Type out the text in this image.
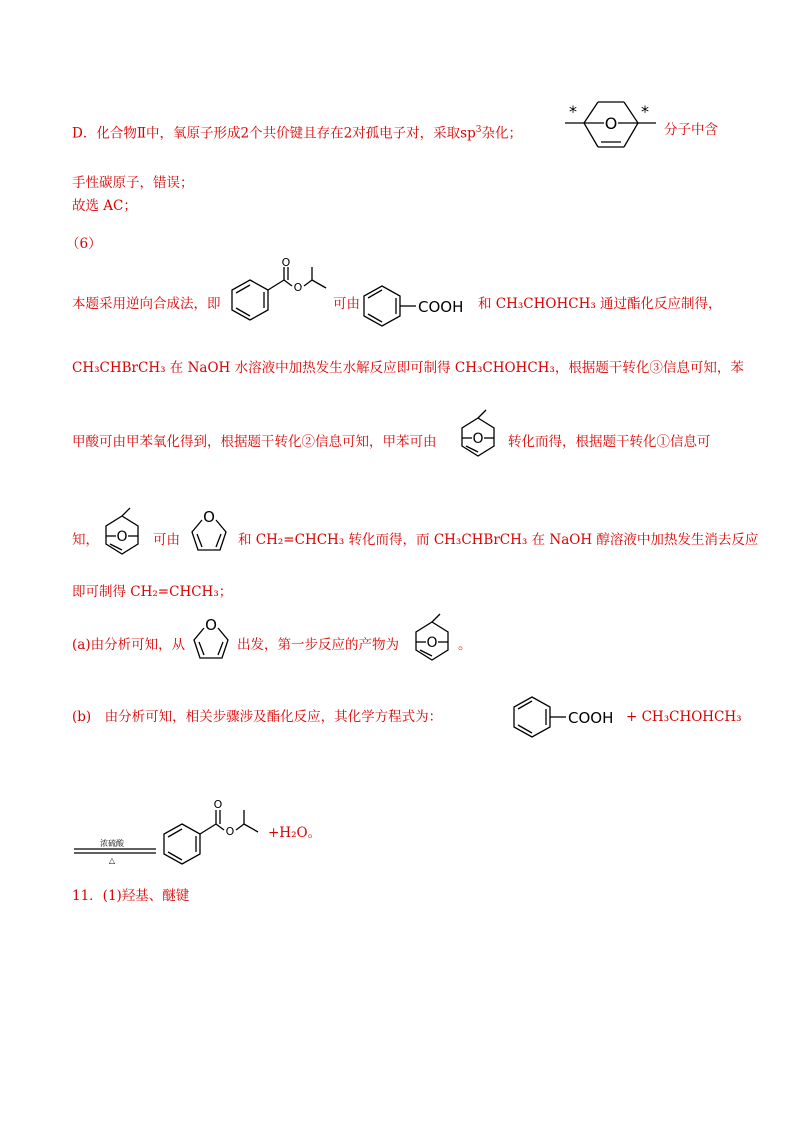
D．化合物Ⅱ中，氧原子形成2个共价键且存在2对孤电子对，采取$sp^3$杂化；
O
*	*
分子中含
手性碳原子，错误；
故选 AC；
（6）
本题采用逆向合成法，即
O
O
可由	COOH 和 CH₃CHOHCH₃ 通过酯化反应制得，
CH₃CHBrCH₃ 在 NaOH 水溶液中加热发生水解反应即可制得 CH₃CHOHCH₃，根据题干转化③信息可知，苯
甲酸可由甲苯氧化得到，根据题干转化②信息可知，甲苯可由	O 转化而得，根据题干转化①信息可
知， O 可由
O
和 CH₂=CHCH₃ 转化而得，而 CH₃CHBrCH₃ 在 NaOH 醇溶液中加热发生消去反应
即可制得 CH₂=CHCH₃；
(a)由分析可知，从
O
出发，第一步反应的产物为 O 。
(b)　由分析可知，相关步骤涉及酯化反应，其化学方程式为：	COOH + CH₃CHOHCH₃
浓硫酸
△
O
O +H₂O。
11．(1)羟基、醚键
